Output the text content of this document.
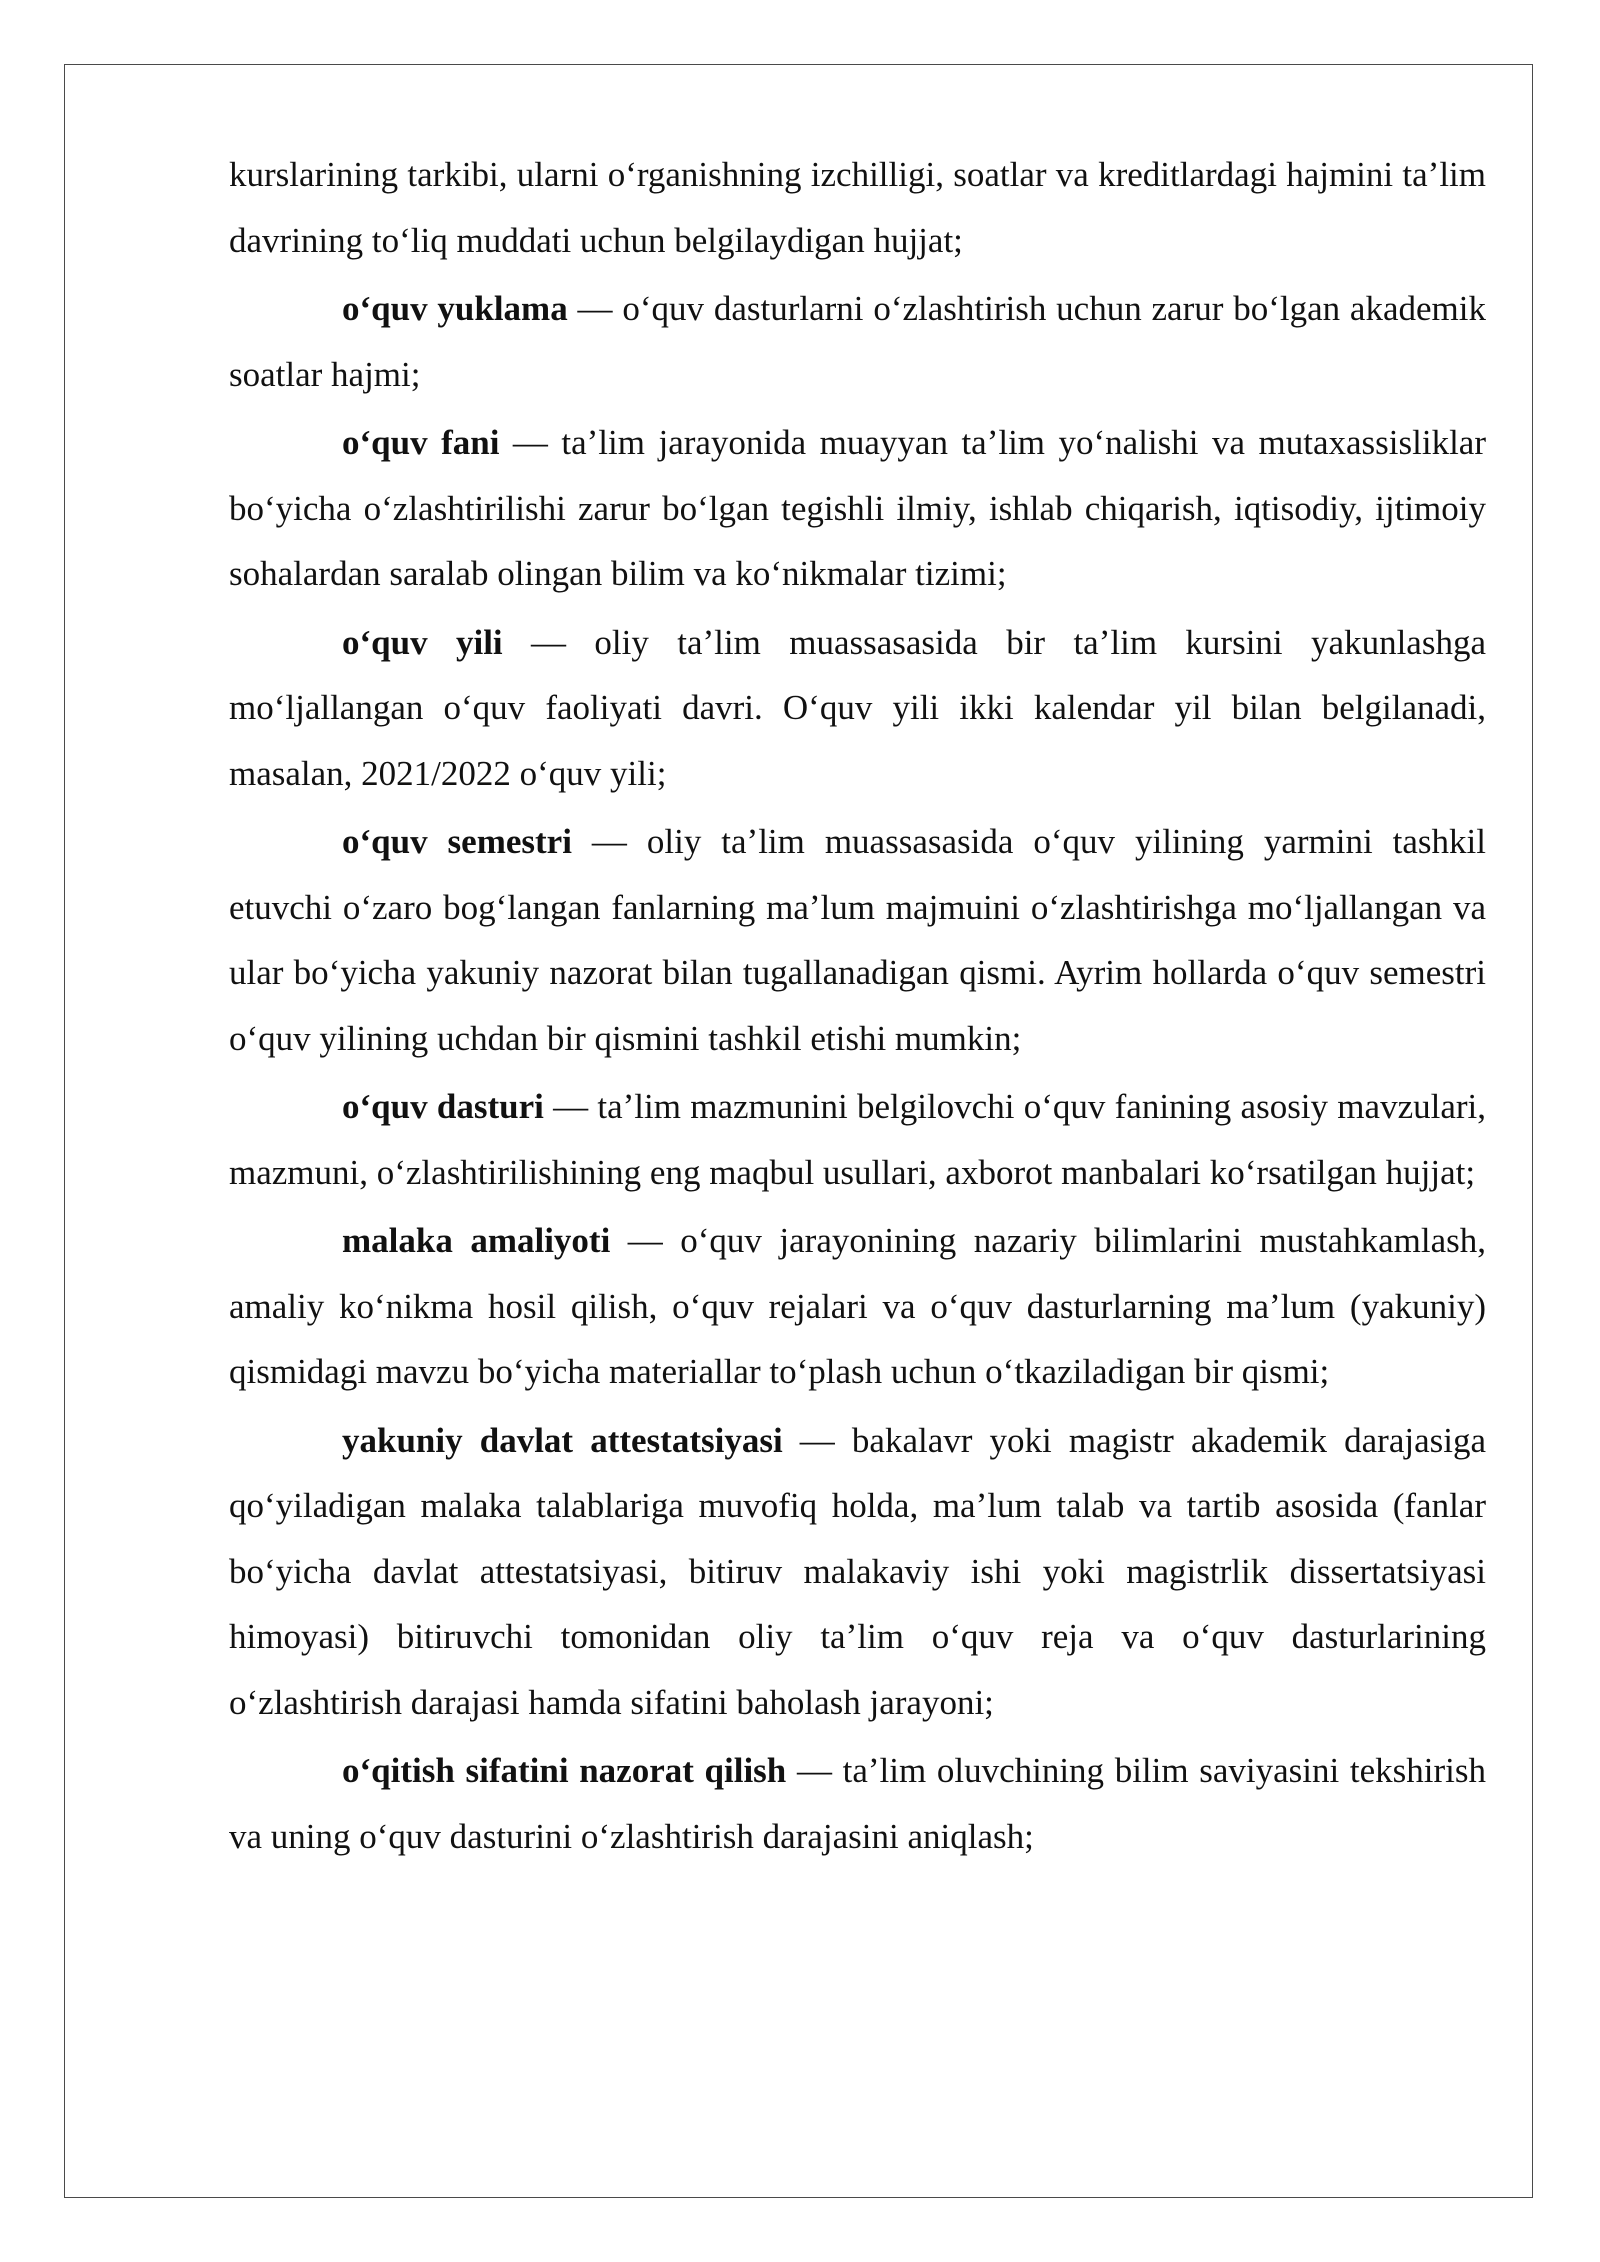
kurslarining tarkibi, ularni oʻrganishning izchilligi, soatlar va kreditlardagi hajmini taʼlim davrining toʻliq muddati uchun belgilaydigan hujjat;

oʻquv yuklama — oʻquv dasturlarni oʻzlashtirish uchun zarur boʻlgan akademik soatlar hajmi;

oʻquv fani — taʼlim jarayonida muayyan taʼlim yoʻnalishi va mutaxassisliklar boʻyicha oʻzlashtirilishi zarur boʻlgan tegishli ilmiy, ishlab chiqarish, iqtisodiy, ijtimoiy sohalardan saralab olingan bilim va koʻnikmalar tizimi;

oʻquv yili — oliy taʼlim muassasasida bir taʼlim kursini yakunlashga moʻljallangan oʻquv faoliyati davri. Oʻquv yili ikki kalendar yil bilan belgilanadi, masalan, 2021/2022 oʻquv yili;

oʻquv semestri — oliy taʼlim muassasasida oʻquv yilining yarmini tashkil etuvchi oʻzaro bogʻlangan fanlarning maʼlum majmuini oʻzlashtirishga moʻljallangan va ular boʻyicha yakuniy nazorat bilan tugallanadigan qismi. Ayrim hollarda oʻquv semestri oʻquv yilining uchdan bir qismini tashkil etishi mumkin;

oʻquv dasturi — taʼlim mazmunini belgilovchi oʻquv fanining asosiy mavzulari, mazmuni, oʻzlashtirilishining eng maqbul usullari, axborot manbalari koʻrsatilgan hujjat;

malaka amaliyoti — oʻquv jarayonining nazariy bilimlarini mustahkamlash, amaliy koʻnikma hosil qilish, oʻquv rejalari va oʻquv dasturlarning maʼlum (yakuniy) qismidagi mavzu boʻyicha materiallar toʻplash uchun oʻtkaziladigan bir qismi;

yakuniy davlat attestatsiyasi — bakalavr yoki magistr akademik darajasiga qoʻyiladigan malaka talablariga muvofiq holda, maʼlum talab va tartib asosida (fanlar boʻyicha davlat attestatsiyasi, bitiruv malakaviy ishi yoki magistrlik dissertatsiyasi himoyasi) bitiruvchi tomonidan oliy taʼlim oʻquv reja va oʻquv dasturlarining oʻzlashtirish darajasi hamda sifatini baholash jarayoni;

oʻqitish sifatini nazorat qilish — taʼlim oluvchining bilim saviyasini tekshirish va uning oʻquv dasturini oʻzlashtirish darajasini aniqlash;
